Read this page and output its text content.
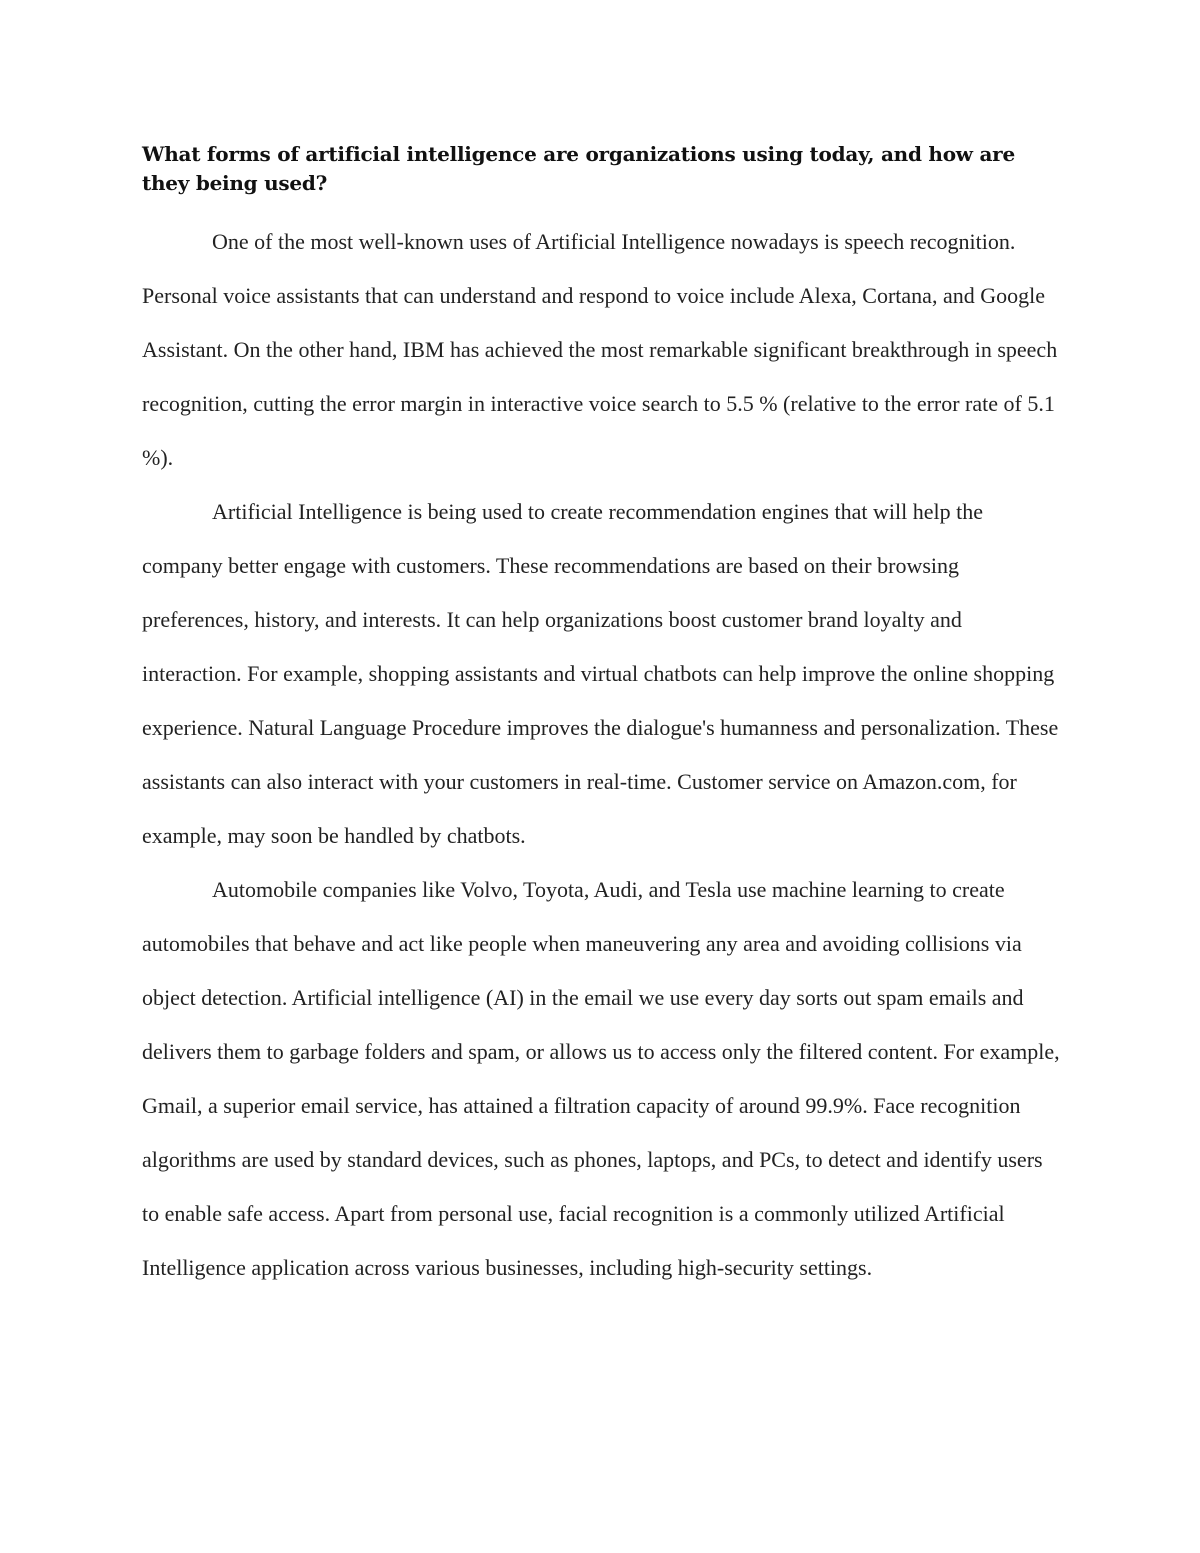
What forms of artificial intelligence are organizations using today, and how are they being used?

One of the most well-known uses of Artificial Intelligence nowadays is speech recognition. Personal voice assistants that can understand and respond to voice include Alexa, Cortana, and Google Assistant. On the other hand, IBM has achieved the most remarkable significant breakthrough in speech recognition, cutting the error margin in interactive voice search to 5.5 % (relative to the error rate of 5.1 %).

Artificial Intelligence is being used to create recommendation engines that will help the company better engage with customers. These recommendations are based on their browsing preferences, history, and interests. It can help organizations boost customer brand loyalty and interaction. For example, shopping assistants and virtual chatbots can help improve the online shopping experience. Natural Language Procedure improves the dialogue's humanness and personalization. These assistants can also interact with your customers in real-time. Customer service on Amazon.com, for example, may soon be handled by chatbots.

Automobile companies like Volvo, Toyota, Audi, and Tesla use machine learning to create automobiles that behave and act like people when maneuvering any area and avoiding collisions via object detection. Artificial intelligence (AI) in the email we use every day sorts out spam emails and delivers them to garbage folders and spam, or allows us to access only the filtered content. For example, Gmail, a superior email service, has attained a filtration capacity of around 99.9%. Face recognition algorithms are used by standard devices, such as phones, laptops, and PCs, to detect and identify users to enable safe access. Apart from personal use, facial recognition is a commonly utilized Artificial Intelligence application across various businesses, including high-security settings.
